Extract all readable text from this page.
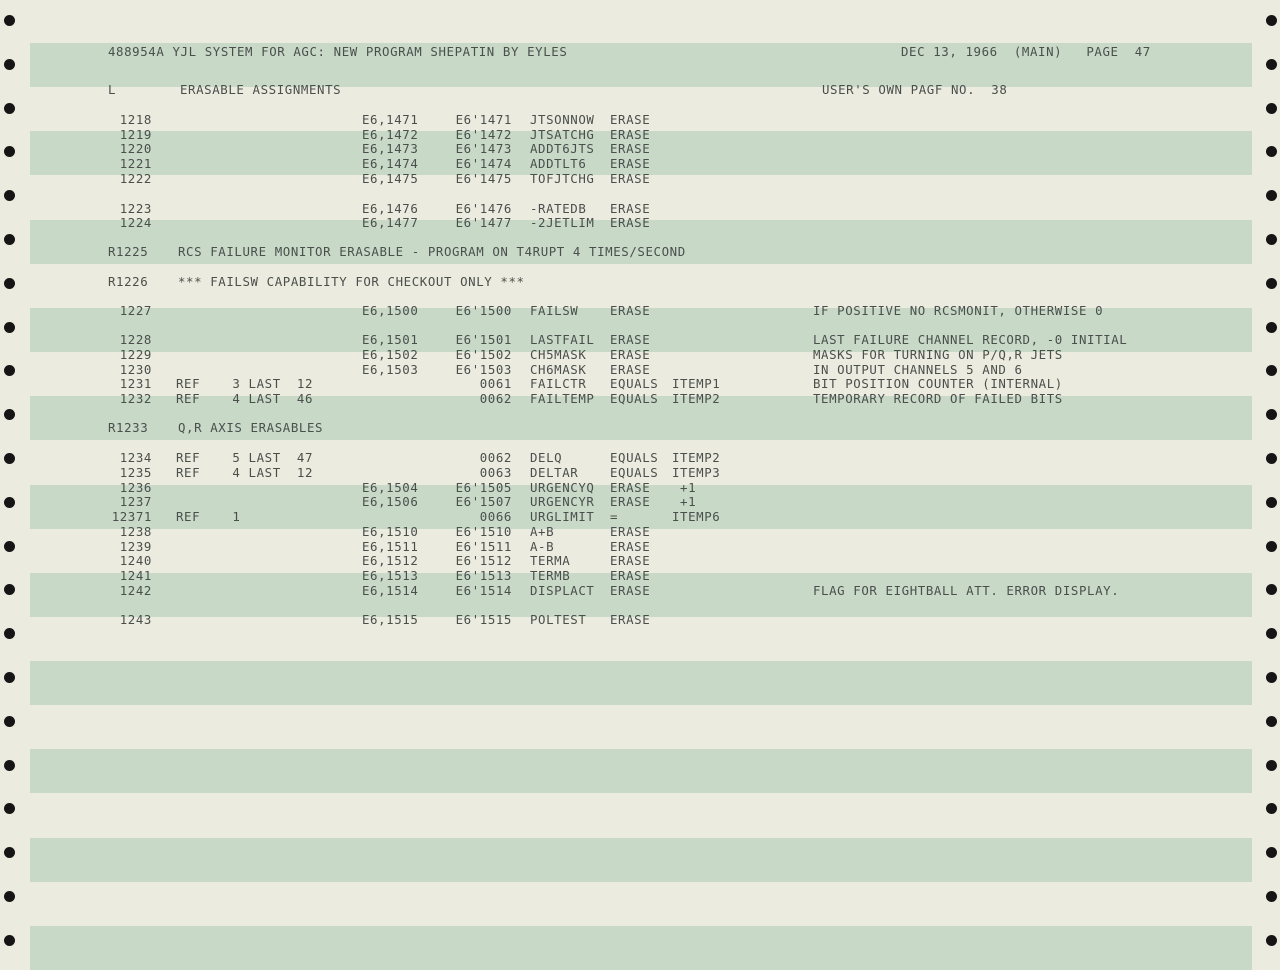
488954A YJL SYSTEM FOR AGC: NEW PROGRAM SHEPATIN BY EYLES

	DEC 13, 1966  (MAIN)   PAGE  47

L

	ERASABLE ASSIGNMENTS

	USER'S OWN PAGF NO.  38

1218	E6,1471	E6'1471 JTSONNOW ERASE
1219	E6,1472	E6'1472 JTSATCHG ERASE
1220	E6,1473	E6'1473 ADDT6JTS ERASE
1221	E6,1474	E6'1474 ADDTLT6 ERASE
1222	E6,1475	E6'1475 TOFJTCHG ERASE
1223	E6,1476	E6'1476 -RATEDB ERASE
1224	E6,1477	E6'1477 -2JETLIM ERASE
R1225 RCS FAILURE MONITOR ERASABLE - PROGRAM ON T4RUPT 4 TIMES/SECOND
R1226 *** FAILSW CAPABILITY FOR CHECKOUT ONLY ***
1227	E6,1500	E6'1500 FAILSW	ERASE	IF POSITIVE NO RCSMONIT, OTHERWISE 0
1228	E6,1501	E6'1501 LASTFAIL ERASE	LAST FAILURE CHANNEL RECORD, -0 INITIAL
1229	E6,1502	E6'1502 CH5MASK ERASE	MASKS FOR TURNING ON P/Q,R JETS
1230	E6,1503	E6'1503 CH6MASK ERASE	IN OUTPUT CHANNELS 5 AND 6
1231 REF    3 LAST  12	0061 FAILCTR EQUALS ITEMP1	BIT POSITION COUNTER (INTERNAL)
1232 REF    4 LAST  46	0062 FAILTEMP EQUALS ITEMP2	TEMPORARY RECORD OF FAILED BITS
R1233 Q,R AXIS ERASABLES
1234 REF    5 LAST  47	0062 DELQ	EQUALS ITEMP2
1235 REF    4 LAST  12	0063 DELTAR	EQUALS ITEMP3
1236	E6,1504	E6'1505 URGENCYQ ERASE +1
1237	E6,1506	E6'1507 URGENCYR ERASE +1
12371 REF    1	0066 URGLIMIT =	ITEMP6
1238	E6,1510	E6'1510 A+B	ERASE
1239	E6,1511	E6'1511 A-B	ERASE
1240	E6,1512	E6'1512 TERMA	ERASE
1241	E6,1513	E6'1513 TERMB	ERASE
1242	E6,1514	E6'1514 DISPLACT ERASE	FLAG FOR EIGHTBALL ATT. ERROR DISPLAY.
1243	E6,1515	E6'1515 POLTEST ERASE
